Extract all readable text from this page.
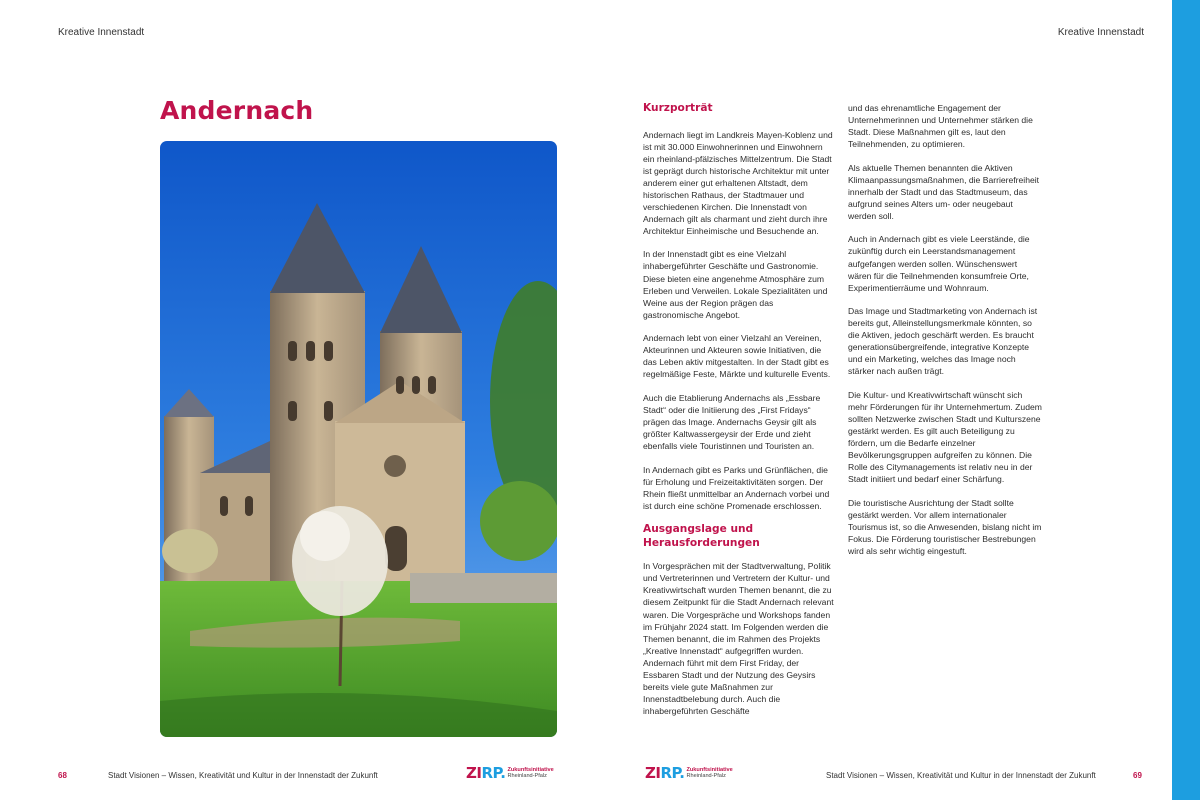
Kreative Innenstadt
Andernach
68	Stadt Visionen – Wissen, Kreativität und Kultur in der Innenstadt der Zukunft	ZIRP. Zukunftsinitiative
Rheinland-Pfalz
Kreative Innenstadt
Kurzporträt

Andernach liegt im Landkreis Mayen-Koblenz und ist mit 30.000 Einwohnerinnen und Einwohnern ein rheinland-pfälzisches Mittelzentrum. Die Stadt ist geprägt durch historische Architektur mit unter anderem einer gut erhaltenen Altstadt, dem historischen Rathaus, der Stadtmauer und verschiedenen Kirchen. Die Innenstadt von Andernach gilt als charmant und zieht durch ihre Architektur Einheimische und Besuchende an.

In der Innenstadt gibt es eine Vielzahl inhabergeführter Geschäfte und Gastronomie. Diese bieten eine angenehme Atmosphäre zum Erleben und Verweilen. Lokale Spezialitäten und Weine aus der Region prägen das gastronomische Angebot.

Andernach lebt von einer Vielzahl an Vereinen, Akteurinnen und Akteuren sowie Initiativen, die das Leben aktiv mitgestalten. In der Stadt gibt es regelmäßige Feste, Märkte und kulturelle Events.

Auch die Etablierung Andernachs als „Essbare Stadt“ oder die Initiierung des „First Fridays“ prägen das Image. Andernachs Geysir gilt als größter Kaltwassergeysir der Erde und zieht ebenfalls viele Touristinnen und Touristen an.

In Andernach gibt es Parks und Grünflächen, die für Erholung und Freizeitaktivitäten sorgen. Der Rhein fließt unmittelbar an Andernach vorbei und ist durch eine schöne Promenade erschlossen.

Ausgangslage und Herausforderungen

In Vorgesprächen mit der Stadtverwaltung, Politik und Vertreterinnen und Vertretern der Kultur- und Kreativwirtschaft wurden Themen benannt, die zu diesem Zeitpunkt für die Stadt Andernach relevant waren. Die Vorgespräche und Workshops fanden im Frühjahr 2024 statt. Im Folgenden werden die Themen benannt, die im Rahmen des Projekts „Kreative Innenstadt“ aufgegriffen wurden.

Andernach führt mit dem First Friday, der Essbaren Stadt und der Nutzung des Geysirs bereits viele gute Maßnahmen zur Innenstadtbelebung durch. Auch die inhabergeführten Geschäfte

und das ehrenamtliche Engagement der Unternehmerinnen und Unternehmer stärken die Stadt. Diese Maßnahmen gilt es, laut den Teilnehmenden, zu optimieren.

Als aktuelle Themen benannten die Aktiven Klimaanpassungsmaßnahmen, die Barrierefreiheit innerhalb der Stadt und das Stadtmuseum, das aufgrund seines Alters um- oder neugebaut werden soll.

Auch in Andernach gibt es viele Leerstände, die zukünftig durch ein Leerstandsmanagement aufgefangen werden sollen. Wünschenswert wären für die Teilnehmenden konsumfreie Orte, Experimentierräume und Wohnraum.

Das Image und Stadtmarketing von Andernach ist bereits gut, Alleinstellungsmerkmale könnten, so die Aktiven, jedoch geschärft werden. Es braucht generationsübergreifende, integrative Konzepte und ein Marketing, welches das Image noch stärker nach außen trägt.

Die Kultur- und Kreativwirtschaft wünscht sich mehr Förderungen für ihr Unternehmertum. Zudem sollten Netzwerke zwischen Stadt und Kulturszene gestärkt werden. Es gilt auch Beteiligung zu fördern, um die Bedarfe einzelner Bevölkerungsgruppen aufgreifen zu können. Die Rolle des Citymanagements ist relativ neu in der Stadt initiiert und bedarf einer Schärfung.

Die touristische Ausrichtung der Stadt sollte gestärkt werden. Vor allem internationaler Tourismus ist, so die Anwesenden, bislang nicht im Fokus. Die Förderung touristischer Bestrebungen wird als sehr wichtig eingestuft.

ZIRP. Zukunftsinitiative
Rheinland-Pfalz	Stadt Visionen – Wissen, Kreativität und Kultur in der Innenstadt der Zukunft	69
